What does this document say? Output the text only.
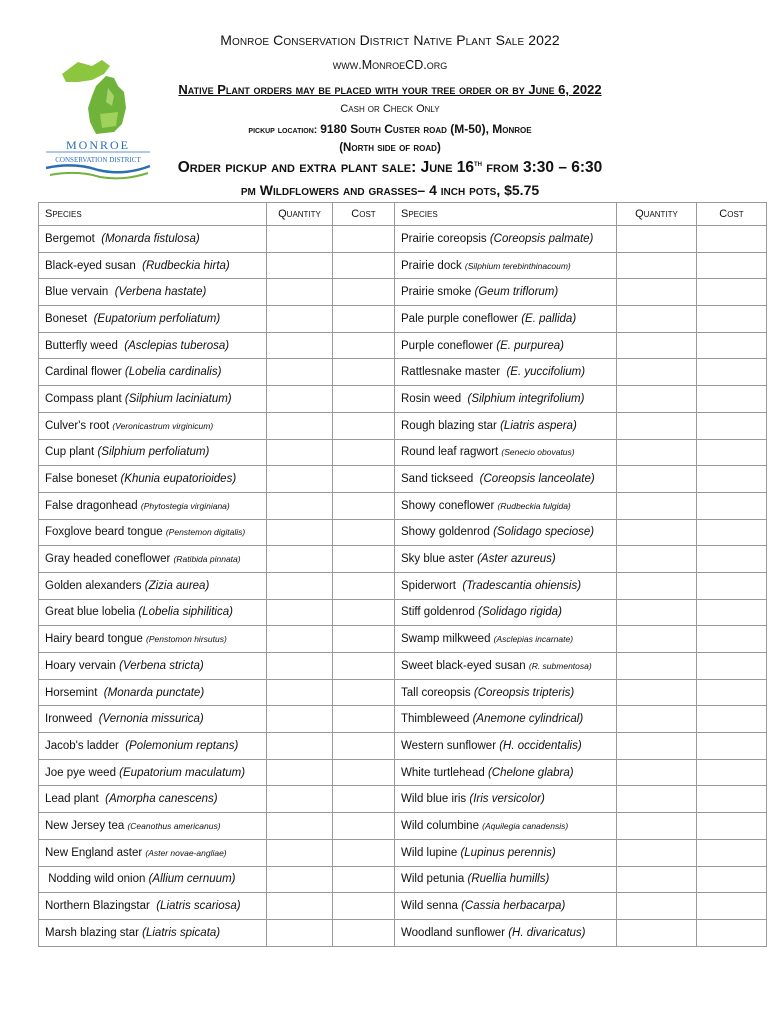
MONROE
CONSERVATION DISTRICT
Monroe Conservation District Native Plant Sale 2022
www.MonroeCD.org
Native Plant orders may be placed with your tree order or by June 6, 2022
Cash or Check Only
pickup location: 9180 South Custer road (M-50), Monroe
(North side of road)
Order pickup and extra plant sale: June 16th from 3:30 – 6:30
pm Wildflowers and grasses– 4 inch pots, $5.75
Species	Quantity	Cost	Species	Quantity	Cost
Bergemot  (Monarda fistulosa)			Prairie coreopsis (Coreopsis palmate)		
Black-eyed susan  (Rudbeckia hirta)			Prairie dock (Silphium terebinthinacoum)		
Blue vervain  (Verbena hastate)			Prairie smoke (Geum triflorum)		
Boneset  (Eupatorium perfoliatum)			Pale purple coneflower (E. pallida)		
Butterfly weed  (Asclepias tuberosa)			Purple coneflower (E. purpurea)		
Cardinal flower (Lobelia cardinalis)			Rattlesnake master  (E. yuccifolium)		
Compass plant (Silphium laciniatum)			Rosin weed  (Silphium integrifolium)		
Culver's root (Veronicastrum virginicum)			Rough blazing star (Liatris aspera)		
Cup plant (Silphium perfoliatum)			Round leaf ragwort (Senecio obovatus)		
False boneset (Khunia eupatorioides)			Sand tickseed  (Coreopsis lanceolate)		
False dragonhead (Phytostegia virginiana)			Showy coneflower (Rudbeckia fulgida)		
Foxglove beard tongue (Penstemon digitalis)			Showy goldenrod (Solidago speciose)		
Gray headed coneflower (Ratibida pinnata)			Sky blue aster (Aster azureus)		
Golden alexanders (Zizia aurea)			Spiderwort  (Tradescantia ohiensis)		
Great blue lobelia (Lobelia siphilitica)			Stiff goldenrod (Solidago rigida)		
Hairy beard tongue (Penstomon hirsutus)			Swamp milkweed (Asclepias incarnate)		
Hoary vervain (Verbena stricta)			Sweet black-eyed susan (R. submentosa)		
Horsemint  (Monarda punctate)			Tall coreopsis (Coreopsis tripteris)		
Ironweed  (Vernonia missurica)			Thimbleweed (Anemone cylindrical)		
Jacob's ladder  (Polemonium reptans)			Western sunflower (H. occidentalis)		
Joe pye weed (Eupatorium maculatum)			White turtlehead (Chelone glabra)		
Lead plant  (Amorpha canescens)			Wild blue iris (Iris versicolor)		
New Jersey tea (Ceanothus americanus)			Wild columbine (Aquilegia canadensis)		
New England aster (Aster novae-angliae)			Wild lupine (Lupinus perennis)		
Nodding wild onion (Allium cernuum)			Wild petunia (Ruellia humills)		
Northern Blazingstar  (Liatris scariosa)			Wild senna (Cassia herbacarpa)		
Marsh blazing star (Liatris spicata)			Woodland sunflower (H. divaricatus)		
